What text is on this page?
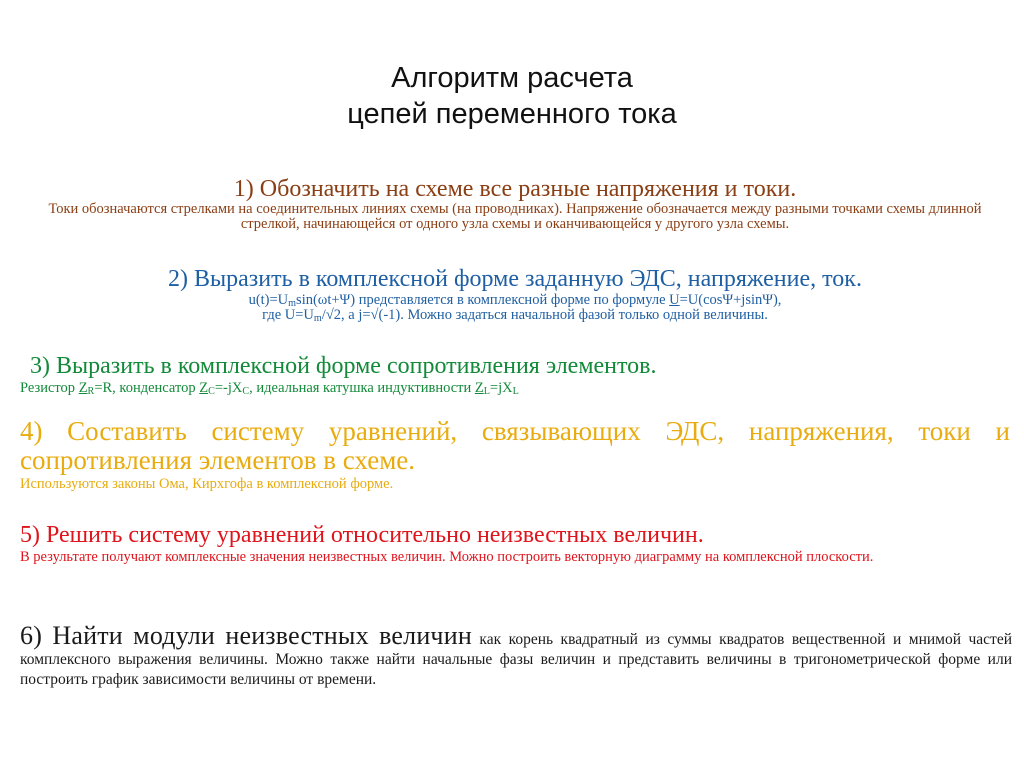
Алгоритм расчета
цепей переменного тока
1) Обозначить на схеме все разные напряжения и токи.
Токи обозначаются стрелками на соединительных линиях схемы (на проводниках). Напряжение обозначается между разными точками схемы длинной стрелкой, начинающейся от одного узла схемы и оканчивающейся у другого узла схемы.
2) Выразить в комплексной форме заданную ЭДС, напряжение, ток.
$u(t)=U_m\sin(\omega t+\Psi)$ представляется в комплексной форме по формуле U=U(cosΨ+jsinΨ),
где $U=U_m/√2$, а j=√(-1). Можно задаться начальной фазой только одной величины.
3) Выразить в комплексной форме сопротивления элементов.
Резистор $Z_R=R$, конденсатор $Z_C=-jX_C$, идеальная катушка индуктивности $Z_L=jX_L$
4) Составить систему уравнений, связывающих ЭДС, напряжения, токи и сопротивления элементов в схеме.
Используются законы Ома, Кирхгофа в комплексной форме.
5) Решить систему уравнений относительно неизвестных величин.
В результате получают комплексные значения неизвестных величин. Можно построить векторную диаграмму на комплексной плоскости.

6) Найти модули неизвестных величин как корень квадратный из суммы квадратов вещественной и мнимой частей комплексного выражения величины. Можно также найти начальные фазы величин и представить величины в тригонометрической форме или построить график зависимости величины от времени.
